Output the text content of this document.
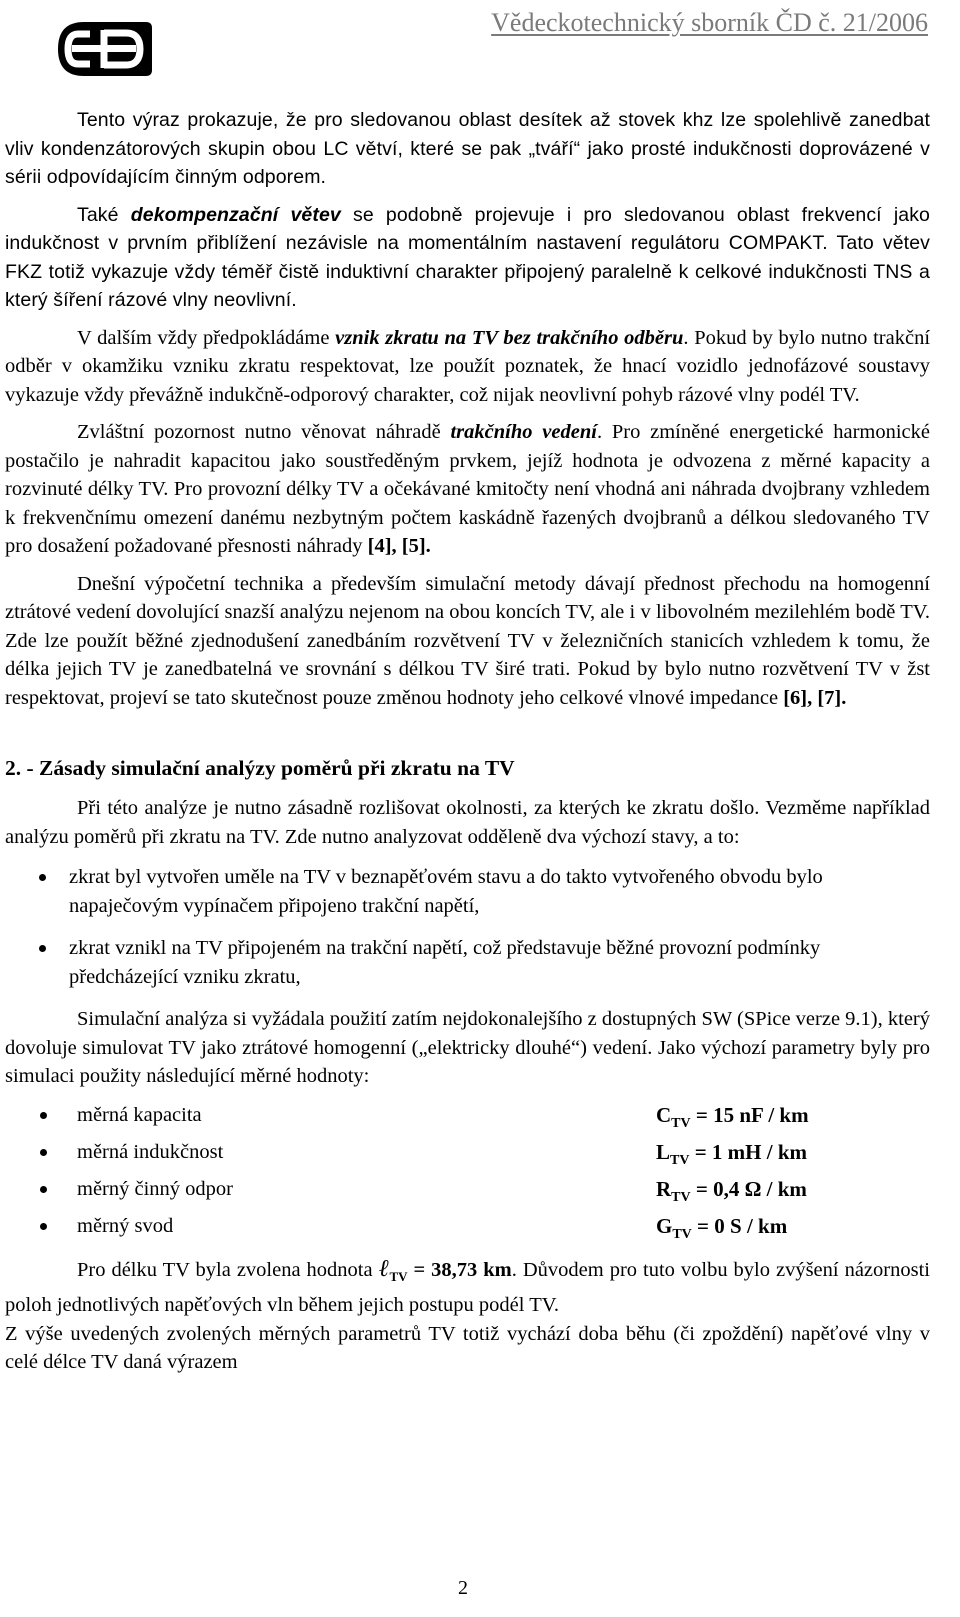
Vědeckotechnický sborník ČD č. 21/2006

Tento výraz prokazuje, že pro sledovanou oblast desítek až stovek khz lze spolehlivě zanedbat vliv kondenzátorových skupin obou LC větví, které se pak „tváří“ jako prosté indukčnosti doprovázené v sérii odpovídajícím činným odporem.

Také dekompenzační větev se podobně projevuje i pro sledovanou oblast frekvencí jako indukčnost v prvním přiblížení nezávisle na momentálním nastavení regulátoru COMPAKT. Tato větev FKZ totiž vykazuje vždy téměř čistě induktivní charakter připojený paralelně k celkové indukčnosti TNS a který šíření rázové vlny neovlivní.

V dalším vždy předpokládáme vznik zkratu na TV bez trakčního odběru. Pokud by bylo nutno trakční odběr v okamžiku vzniku zkratu respektovat, lze použít poznatek, že hnací vozidlo jednofázové soustavy vykazuje vždy převážně indukčně-odporový charakter, což nijak neovlivní pohyb rázové vlny podél TV.

Zvláštní pozornost nutno věnovat náhradě trakčního vedení. Pro zmíněné energetické harmonické postačilo je nahradit kapacitou jako soustředěným prvkem, jejíž hodnota je odvozena z měrné kapacity a rozvinuté délky TV. Pro provozní délky TV a očekávané kmitočty není vhodná ani náhrada dvojbrany vzhledem k frekvenčnímu omezení danému nezbytným počtem kaskádně řazených dvojbranů a délkou sledovaného TV pro dosažení požadované přesnosti náhrady [4], [5].

Dnešní výpočetní technika a především simulační metody dávají přednost přechodu na homogenní ztrátové vedení dovolující snazší analýzu nejenom na obou koncích TV, ale i v libovolném mezilehlém bodě TV. Zde lze použít běžné zjednodušení zanedbáním rozvětvení TV v železničních stanicích vzhledem k tomu, že délka jejich TV je zanedbatelná ve srovnání s délkou TV širé trati. Pokud by bylo nutno rozvětvení TV v žst respektovat, projeví se tato skutečnost pouze změnou hodnoty jeho celkové vlnové impedance [6], [7].

2. - Zásady simulační analýzy poměrů při zkratu na TV

Při této analýze je nutno zásadně rozlišovat okolnosti, za kterých ke zkratu došlo. Vezměme například analýzu poměrů při zkratu na TV. Zde nutno analyzovat odděleně dva výchozí stavy, a to:

zkrat byl vytvořen uměle na TV v beznapěťovém stavu a do takto vytvořeného obvodu bylo napaječovým vypínačem připojeno trakční napětí,
zkrat vznikl na TV připojeném na trakční napětí, což představuje běžné provozní podmínky předcházející vzniku zkratu,

Simulační analýza si vyžádala použití zatím nejdokonalejšího z dostupných SW (SPice verze 9.1), který dovoluje simulovat TV jako ztrátové homogenní („elektricky dlouhé“) vedení. Jako výchozí parametry byly pro simulaci použity následující měrné hodnoty:

měrná kapacita	$C_{TV} = 15$ nF / km
měrná indukčnost	$L_{TV} = 1$ mH / km
měrný činný odpor	$R_{TV} = 0,4$ Ω / km
měrný svod	$G_{TV} = 0$ S / km

Pro délku TV byla zvolena hodnota ℓ$_{TV}$ = 38,73 km. Důvodem pro tuto volbu bylo zvýšení názornosti poloh jednotlivých napěťových vln během jejich postupu podél TV.

Z výše uvedených zvolených měrných parametrů TV totiž vychází doba běhu (či zpoždění) napěťové vlny v celé délce TV daná výrazem

2
